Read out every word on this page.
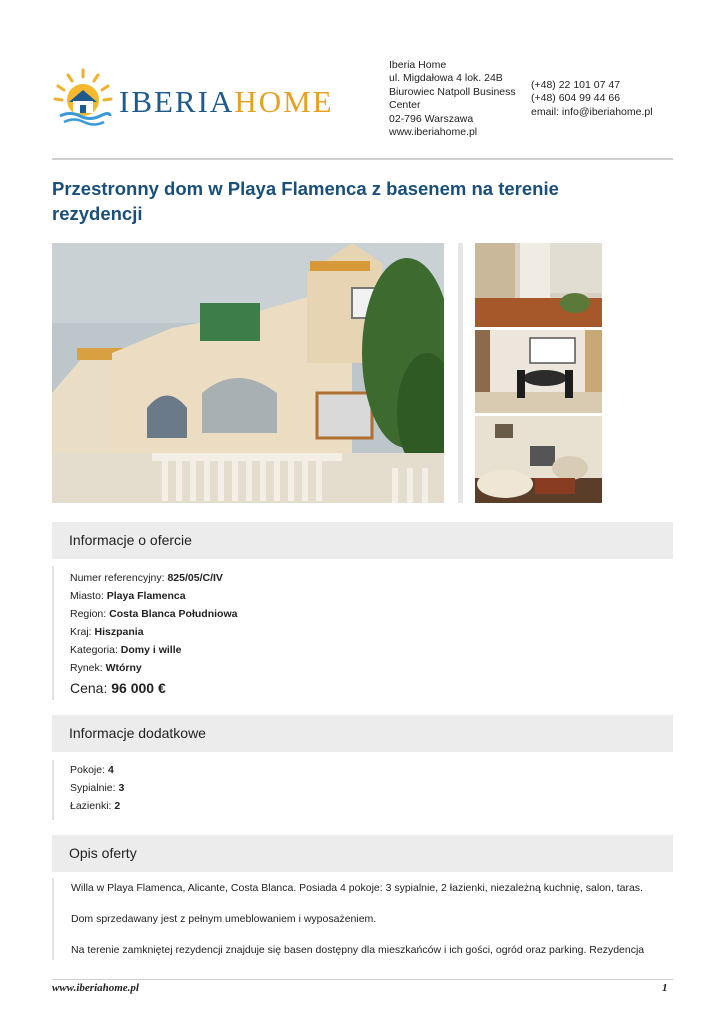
IBERIAHOME
Iberia Home
ul. Migdałowa 4 lok. 24B
Biurowiec Natpoll Business
Center
02-796 Warszawa
www.iberiahome.pl
(+48) 22 101 07 47
(+48) 604 99 44 66
email: info@iberiahome.pl
Przestronny dom w Playa Flamenca z basenem na terenie rezydencji
Informacje o ofercie
Numer referencyjny: 825/05/C/IV
Miasto: Playa Flamenca
Region: Costa Blanca Południowa
Kraj: Hiszpania
Kategoria: Domy i wille
Rynek: Wtórny
Cena: 96 000 €
Informacje dodatkowe
Pokoje: 4
Sypialnie: 3
Łazienki: 2
Opis oferty
Willa w Playa Flamenca, Alicante, Costa Blanca. Posiada 4 pokoje: 3 sypialnie, 2 łazienki, niezależną kuchnię, salon, taras.
Dom sprzedawany jest z pełnym umeblowaniem i wyposażeniem.
Na terenie zamkniętej rezydencji znajduje się basen dostępny dla mieszkańców i ich gości, ogród oraz parking. Rezydencja
www.iberiahome.pl	1
